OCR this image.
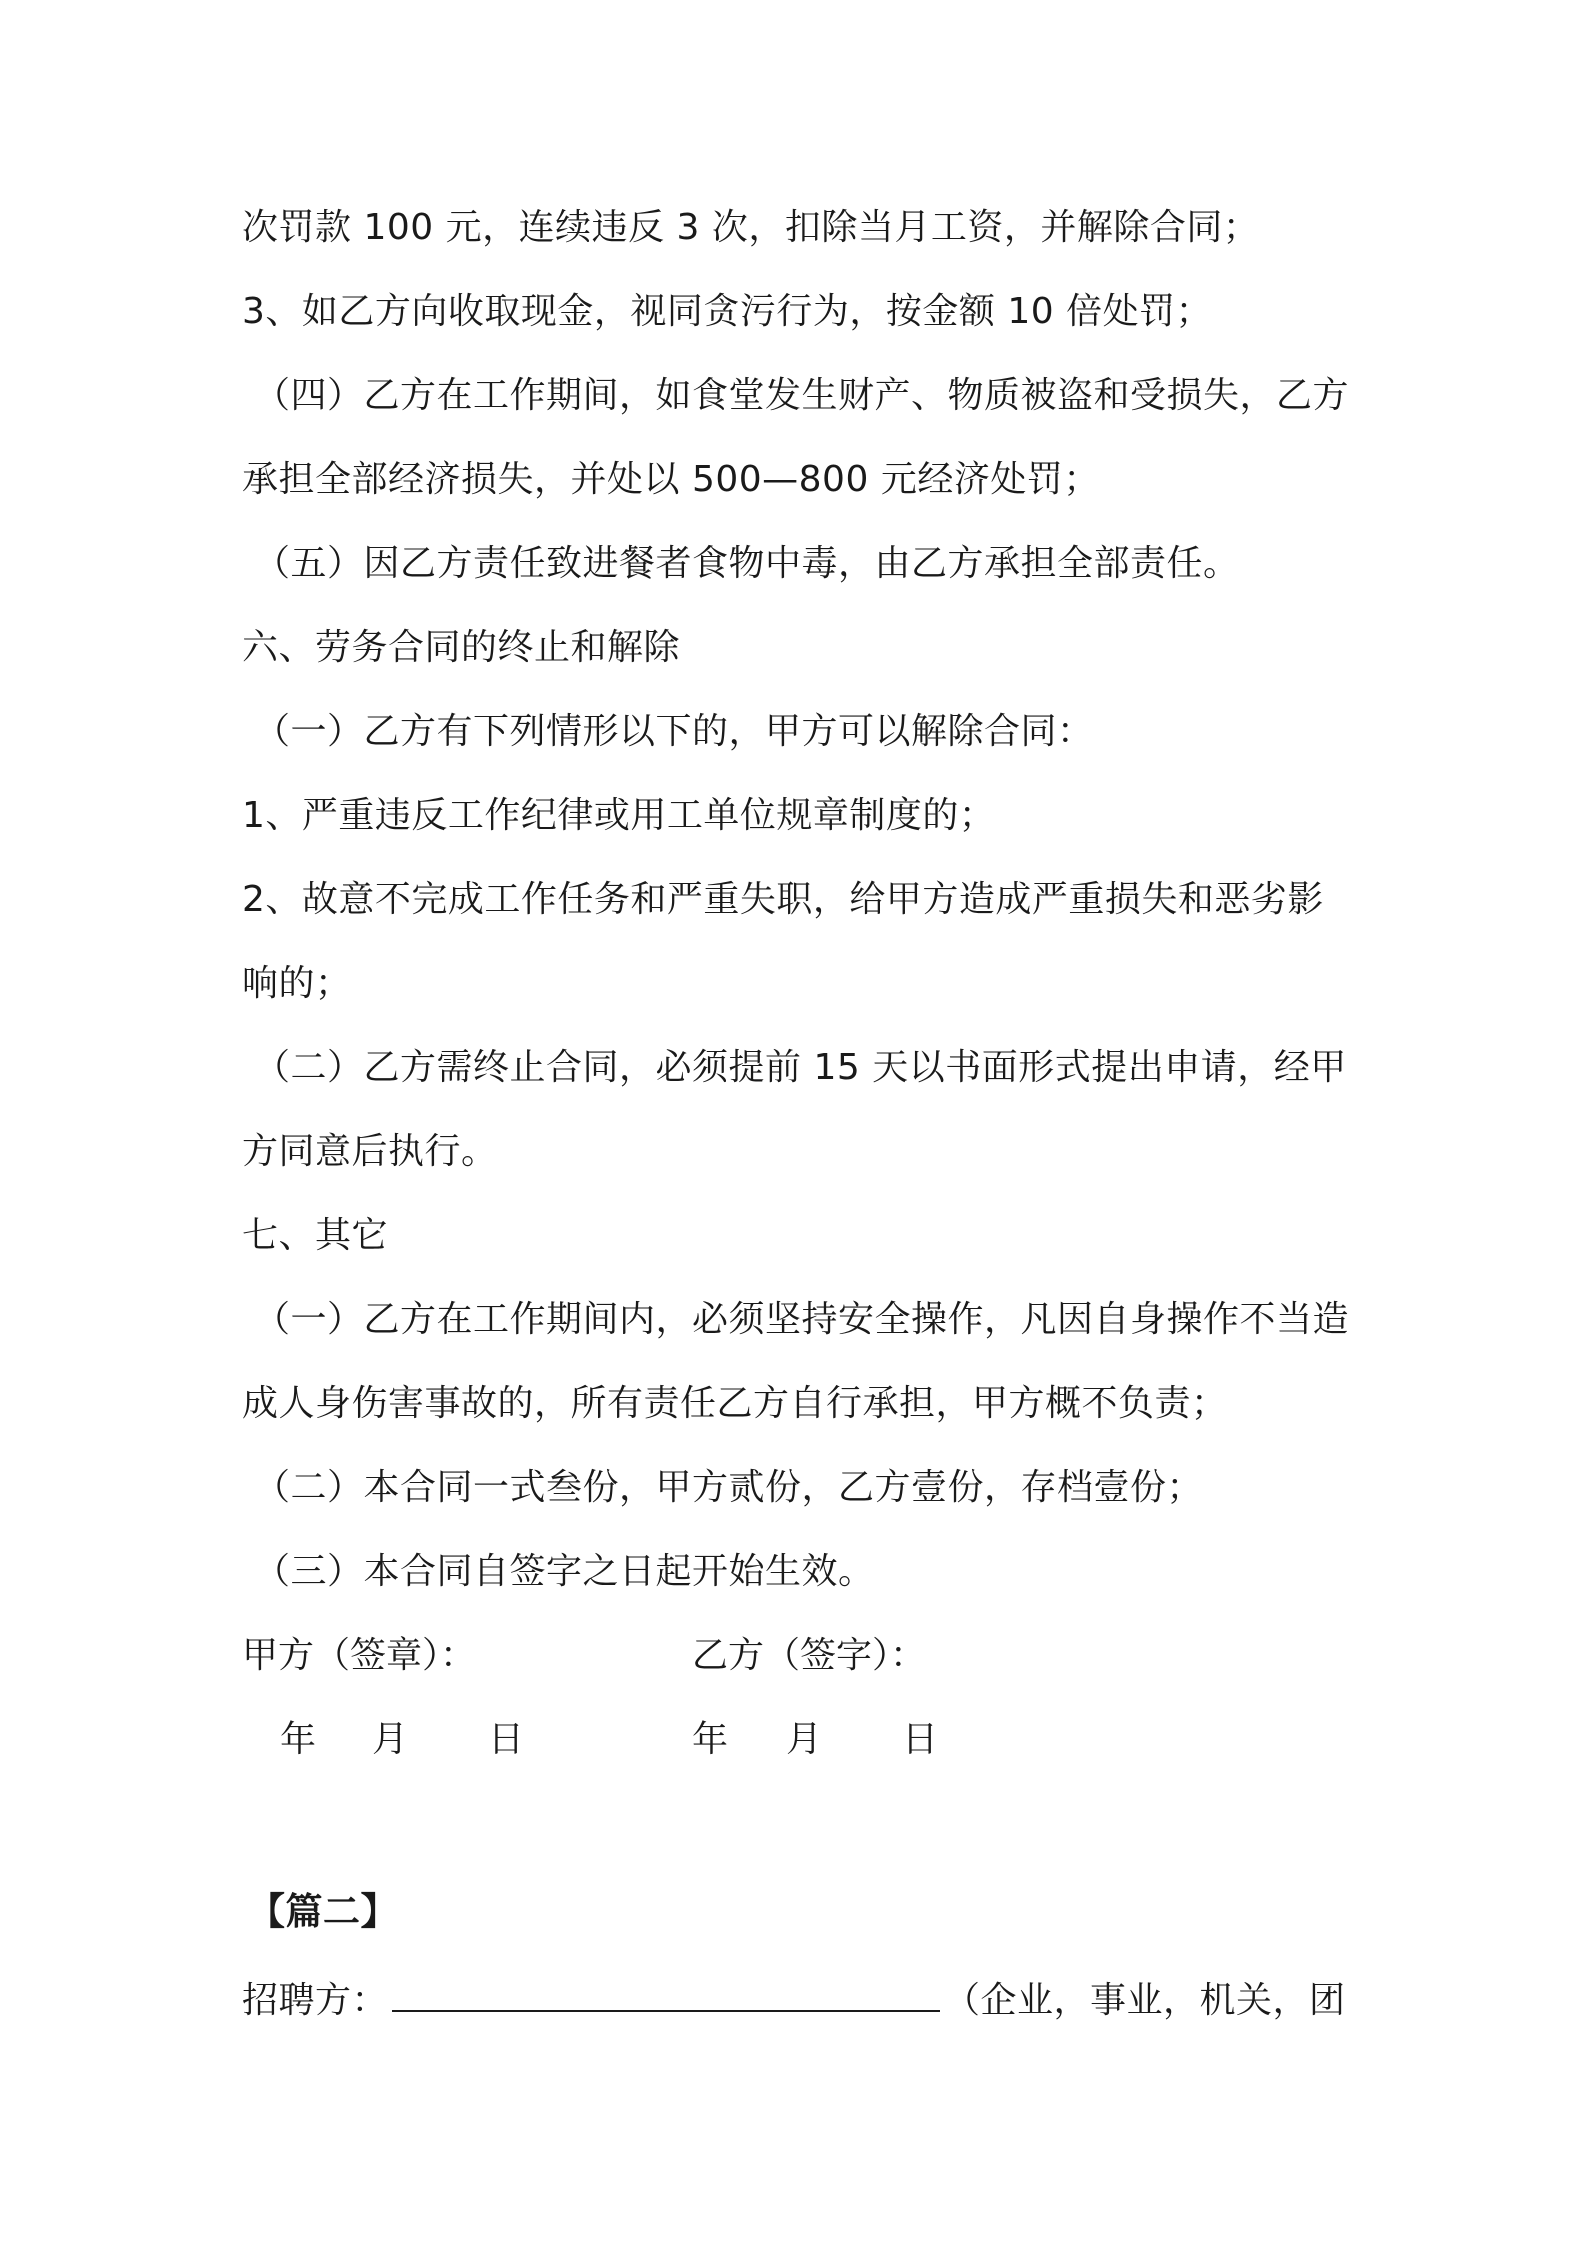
次罚款 100 元，连续违反 3 次，扣除当月工资，并解除合同；
3、如乙方向收取现金，视同贪污行为，按金额 10 倍处罚；
（四）乙方在工作期间，如食堂发生财产、物质被盗和受损失，乙方
承担全部经济损失，并处以 500—800 元经济处罚；
（五）因乙方责任致进餐者食物中毒，由乙方承担全部责任。
六、劳务合同的终止和解除
（一）乙方有下列情形以下的，甲方可以解除合同：
1、严重违反工作纪律或用工单位规章制度的；
2、故意不完成工作任务和严重失职，给甲方造成严重损失和恶劣影
响的；
（二）乙方需终止合同，必须提前 15 天以书面形式提出申请，经甲
方同意后执行。
七、其它
（一）乙方在工作期间内，必须坚持安全操作，凡因自身操作不当造
成人身伤害事故的，所有责任乙方自行承担，甲方概不负责；
（二）本合同一式叁份，甲方贰份，乙方壹份，存档壹份；
（三）本合同自签字之日起开始生效。
甲方（签章）：	乙方（签字）：
年 月 日	年 月 日
【篇二】
招聘方：	（企业，事业，机关，团
